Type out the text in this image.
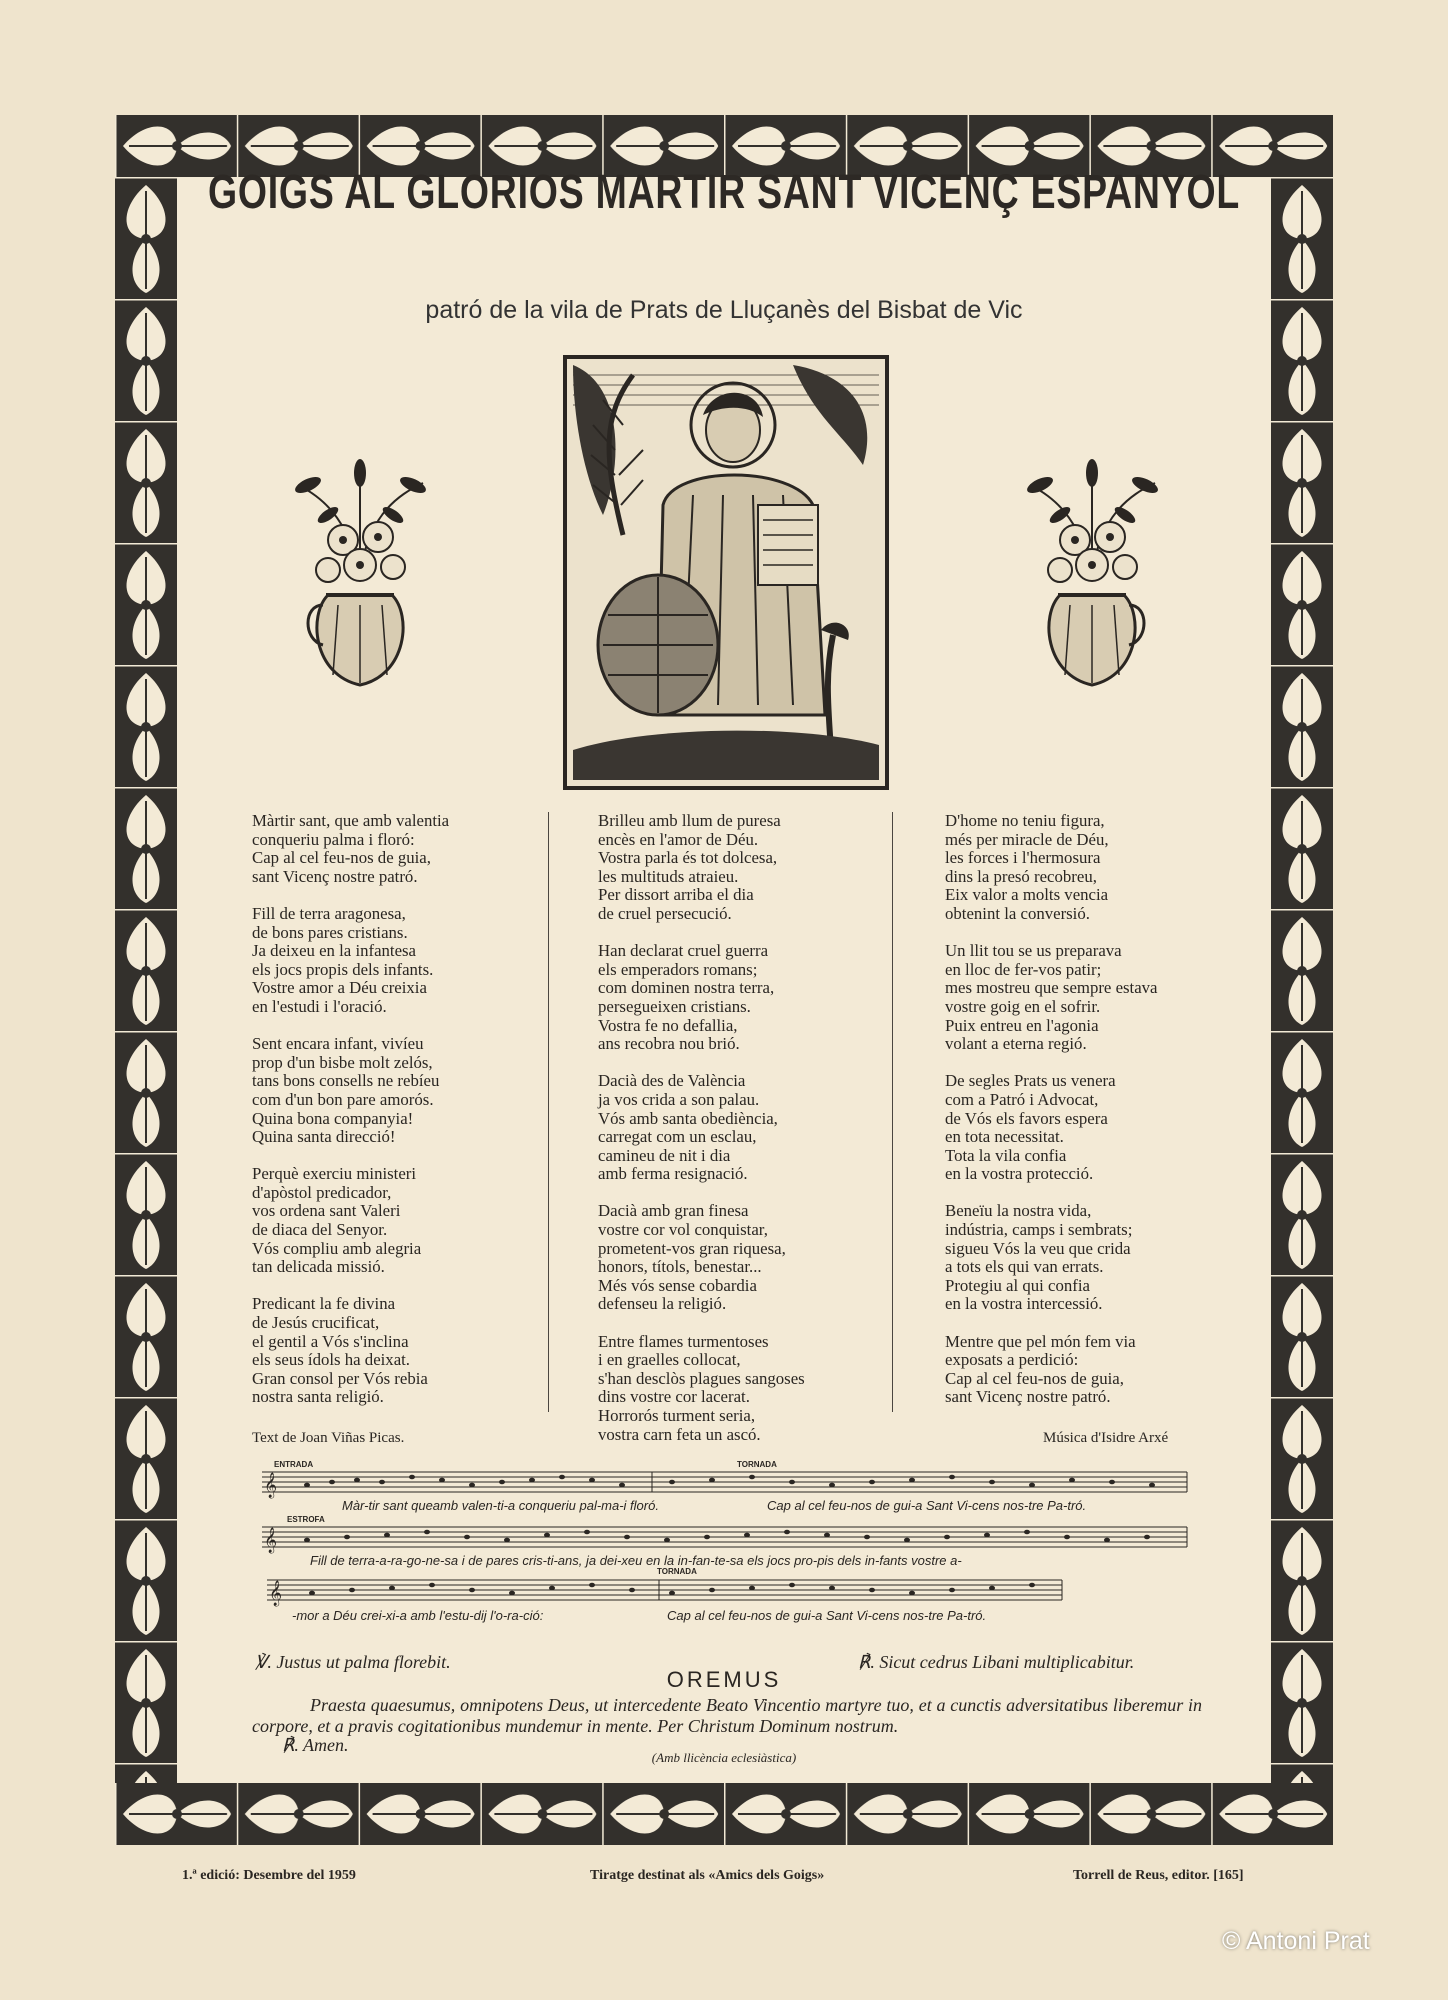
GOIGS AL GLORIOS MARTIR SANT VICENÇ ESPANYOL
patró de la vila de Prats de Lluçanès del Bisbat de Vic
Màrtir sant, que amb valentia
conqueriu palma i floró:
Cap al cel feu-nos de guia,
sant Vicenç nostre patró.

Fill de terra aragonesa,
de bons pares cristians.
Ja deixeu en la infantesa
els jocs propis dels infants.
Vostre amor a Déu creixia
en l'estudi i l'oració.

Sent encara infant, vivíeu
prop d'un bisbe molt zelós,
tans bons consells ne rebíeu
com d'un bon pare amorós.
Quina bona companyia!
Quina santa direcció!

Perquè exerciu ministeri
d'apòstol predicador,
vos ordena sant Valeri
de diaca del Senyor.
Vós compliu amb alegria
tan delicada missió.

Predicant la fe divina
de Jesús crucificat,
el gentil a Vós s'inclina
els seus ídols ha deixat.
Gran consol per Vós rebia
nostra santa religió.
Brilleu amb llum de puresa
encès en l'amor de Déu.
Vostra parla és tot dolcesa,
les multituds atraieu.
Per dissort arriba el dia
de cruel persecució.

Han declarat cruel guerra
els emperadors romans;
com dominen nostra terra,
persegueixen cristians.
Vostra fe no defallia,
ans recobra nou brió.

Dacià des de València
ja vos crida a son palau.
Vós amb santa obediència,
carregat com un esclau,
camineu de nit i dia
amb ferma resignació.

Dacià amb gran finesa
vostre cor vol conquistar,
prometent-vos gran riquesa,
honors, títols, benestar...
Més vós sense cobardia
defenseu la religió.

Entre flames turmentoses
i en graelles collocat,
s'han desclòs plagues sangoses
dins vostre cor lacerat.
Horrorós turment seria,
vostra carn feta un ascó.
D'home no teniu figura,
més per miracle de Déu,
les forces i l'hermosura
dins la presó recobreu,
Eix valor a molts vencia
obtenint la conversió.

Un llit tou se us preparava
en lloc de fer-vos patir;
mes mostreu que sempre estava
vostre goig en el sofrir.
Puix entreu en l'agonia
volant a eterna regió.

De segles Prats us venera
com a Patró i Advocat,
de Vós els favors espera
en tota necessitat.
Tota la vila confia
en la vostra protecció.

Beneïu la nostra vida,
indústria, camps i sembrats;
sigueu Vós la veu que crida
a tots els qui van errats.
Protegiu al qui confia
en la vostra intercessió.

Mentre que pel món fem via
exposats a perdició:
Cap al cel feu-nos de guia,
sant Vicenç nostre patró.
Text de Joan Viñas Picas.	Música d'Isidre Arxé
𝄞
𝄞
𝄞
ENTRADA	TORNADA
ESTROFA
TORNADA
Màr-tir sant queamb valen-ti-a conqueriu pal-ma-i floró.	Cap al cel feu-nos de gui-a Sant Vi-cens nos-tre Pa-tró.
Fill de terra-a-ra-go-ne-sa i de pares cris-ti-ans, ja dei-xeu en la in-fan-te-sa els jocs pro-pis dels in-fants vostre a-
-mor a Déu crei-xi-a amb l'estu-dij l'o-ra-ció:	Cap al cel feu-nos de gui-a Sant Vi-cens nos-tre Pa-tró.
℣. Justus ut palma florebit.	℟. Sicut cedrus Libani multiplicabitur.
OREMUS
Praesta quaesumus, omnipotens Deus, ut intercedente Beato Vincentio martyre tuo, et a cunctis adversitatibus liberemur in corpore, et a pravis cogitationibus mundemur in mente. Per Christum Dominum nostrum.
℟. Amen.
(Amb llicència eclesiàstica)
1.ª edició: Desembre del 1959	Tiratge destinat als «Amics dels Goigs»	Torrell de Reus, editor. [165]
© Antoni Prat
